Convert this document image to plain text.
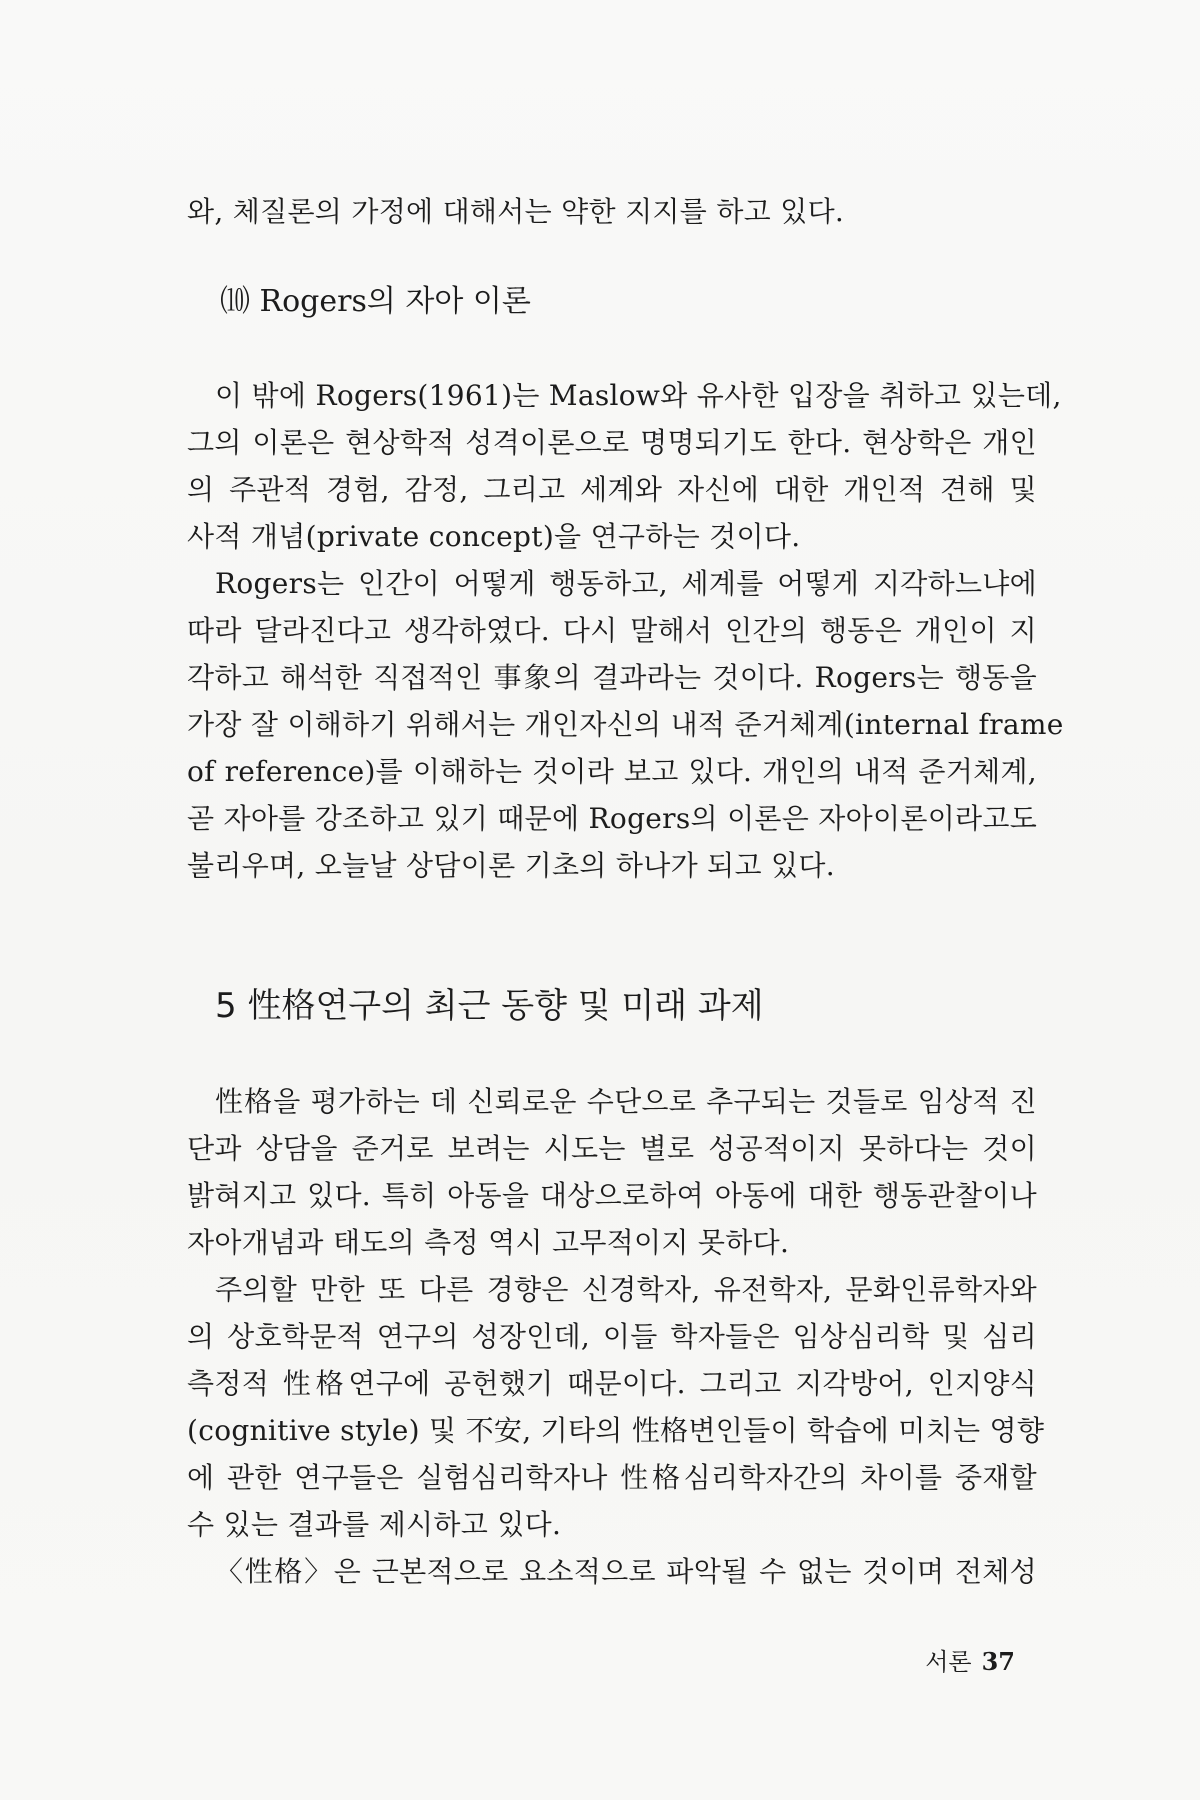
와, 체질론의 가정에 대해서는 약한 지지를 하고 있다.
⑽ Rogers의 자아 이론
이 밖에 Rogers(1961)는 Maslow와 유사한 입장을 취하고 있는데,
그의 이론은 현상학적 성격이론으로 명명되기도 한다. 현상학은 개인
의 주관적 경험, 감정, 그리고 세계와 자신에 대한 개인적 견해 및
사적 개념(private concept)을 연구하는 것이다.
Rogers는 인간이 어떻게 행동하고, 세계를 어떻게 지각하느냐에
따라 달라진다고 생각하였다. 다시 말해서 인간의 행동은 개인이 지
각하고 해석한 직접적인 事象의 결과라는 것이다. Rogers는 행동을
가장 잘 이해하기 위해서는 개인자신의 내적 준거체계(internal frame
of reference)를 이해하는 것이라 보고 있다. 개인의 내적 준거체계,
곧 자아를 강조하고 있기 때문에 Rogers의 이론은 자아이론이라고도
불리우며, 오늘날 상담이론 기초의 하나가 되고 있다.
5 性格연구의 최근 동향 및 미래 과제
性格을 평가하는 데 신뢰로운 수단으로 추구되는 것들로 임상적 진
단과 상담을 준거로 보려는 시도는 별로 성공적이지 못하다는 것이
밝혀지고 있다. 특히 아동을 대상으로하여 아동에 대한 행동관찰이나
자아개념과 태도의 측정 역시 고무적이지 못하다.
주의할 만한 또 다른 경향은 신경학자, 유전학자, 문화인류학자와
의 상호학문적 연구의 성장인데, 이들 학자들은 임상심리학 및 심리
측정적 性格연구에 공헌했기 때문이다. 그리고 지각방어, 인지양식
(cognitive style) 및 不安, 기타의 性格변인들이 학습에 미치는 영향
에 관한 연구들은 실험심리학자나 性格심리학자간의 차이를 중재할
수 있는 결과를 제시하고 있다.
〈性格〉은 근본적으로 요소적으로 파악될 수 없는 것이며 전체성
서론 37
